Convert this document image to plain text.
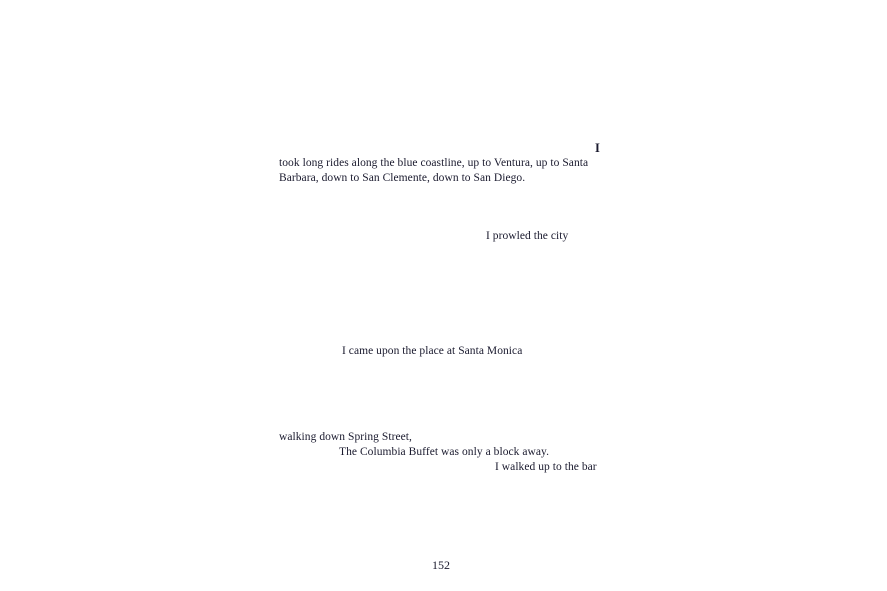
I
took long rides along the blue coastline, up to Ventura, up to Santa
Barbara, down to San Clemente, down to San Diego.
I prowled the city
I came upon the place at Santa Monica
walking down Spring Street,
The Columbia Buffet was only a block away.
I walked up to the bar
152
